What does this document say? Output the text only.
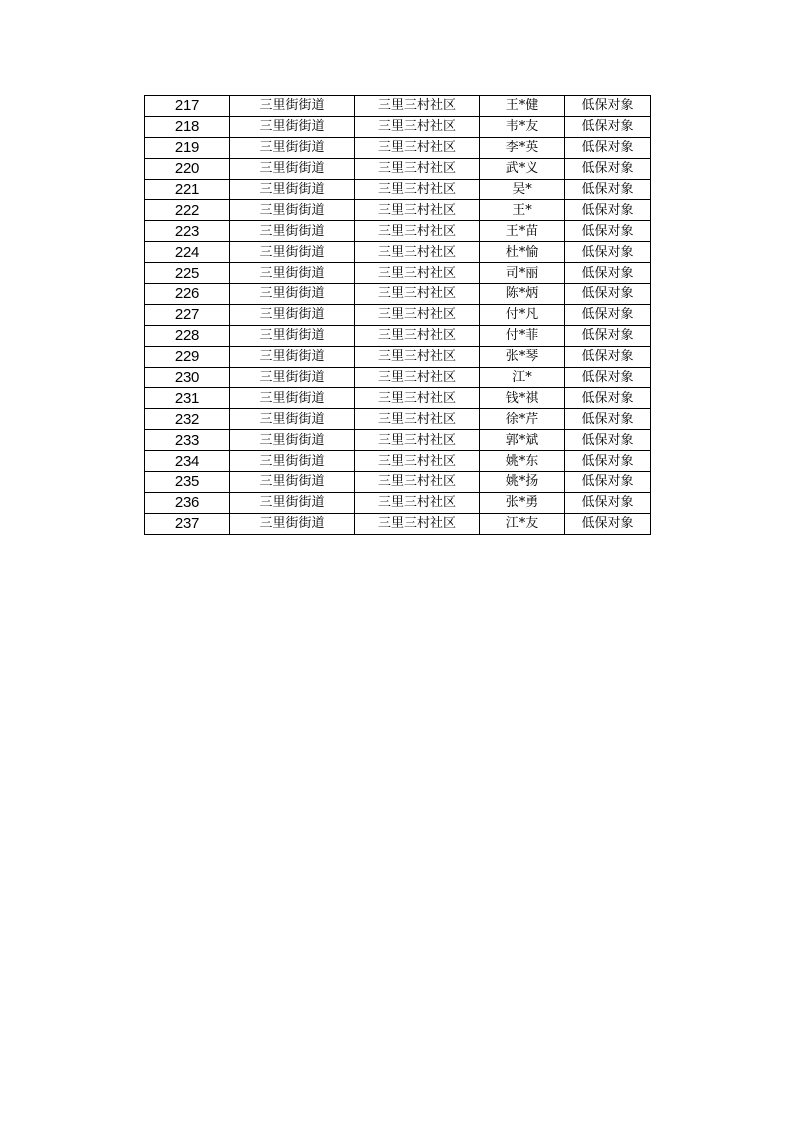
217	三里街街道	三里三村社区	王*健	低保对象
218	三里街街道	三里三村社区	韦*友	低保对象
219	三里街街道	三里三村社区	李*英	低保对象
220	三里街街道	三里三村社区	武*义	低保对象
221	三里街街道	三里三村社区	吴*	低保对象
222	三里街街道	三里三村社区	王*	低保对象
223	三里街街道	三里三村社区	王*苗	低保对象
224	三里街街道	三里三村社区	杜*愉	低保对象
225	三里街街道	三里三村社区	司*丽	低保对象
226	三里街街道	三里三村社区	陈*炳	低保对象
227	三里街街道	三里三村社区	付*凡	低保对象
228	三里街街道	三里三村社区	付*菲	低保对象
229	三里街街道	三里三村社区	张*琴	低保对象
230	三里街街道	三里三村社区	江*	低保对象
231	三里街街道	三里三村社区	钱*祺	低保对象
232	三里街街道	三里三村社区	徐*芹	低保对象
233	三里街街道	三里三村社区	郭*斌	低保对象
234	三里街街道	三里三村社区	姚*东	低保对象
235	三里街街道	三里三村社区	姚*扬	低保对象
236	三里街街道	三里三村社区	张*勇	低保对象
237	三里街街道	三里三村社区	江*友	低保对象
